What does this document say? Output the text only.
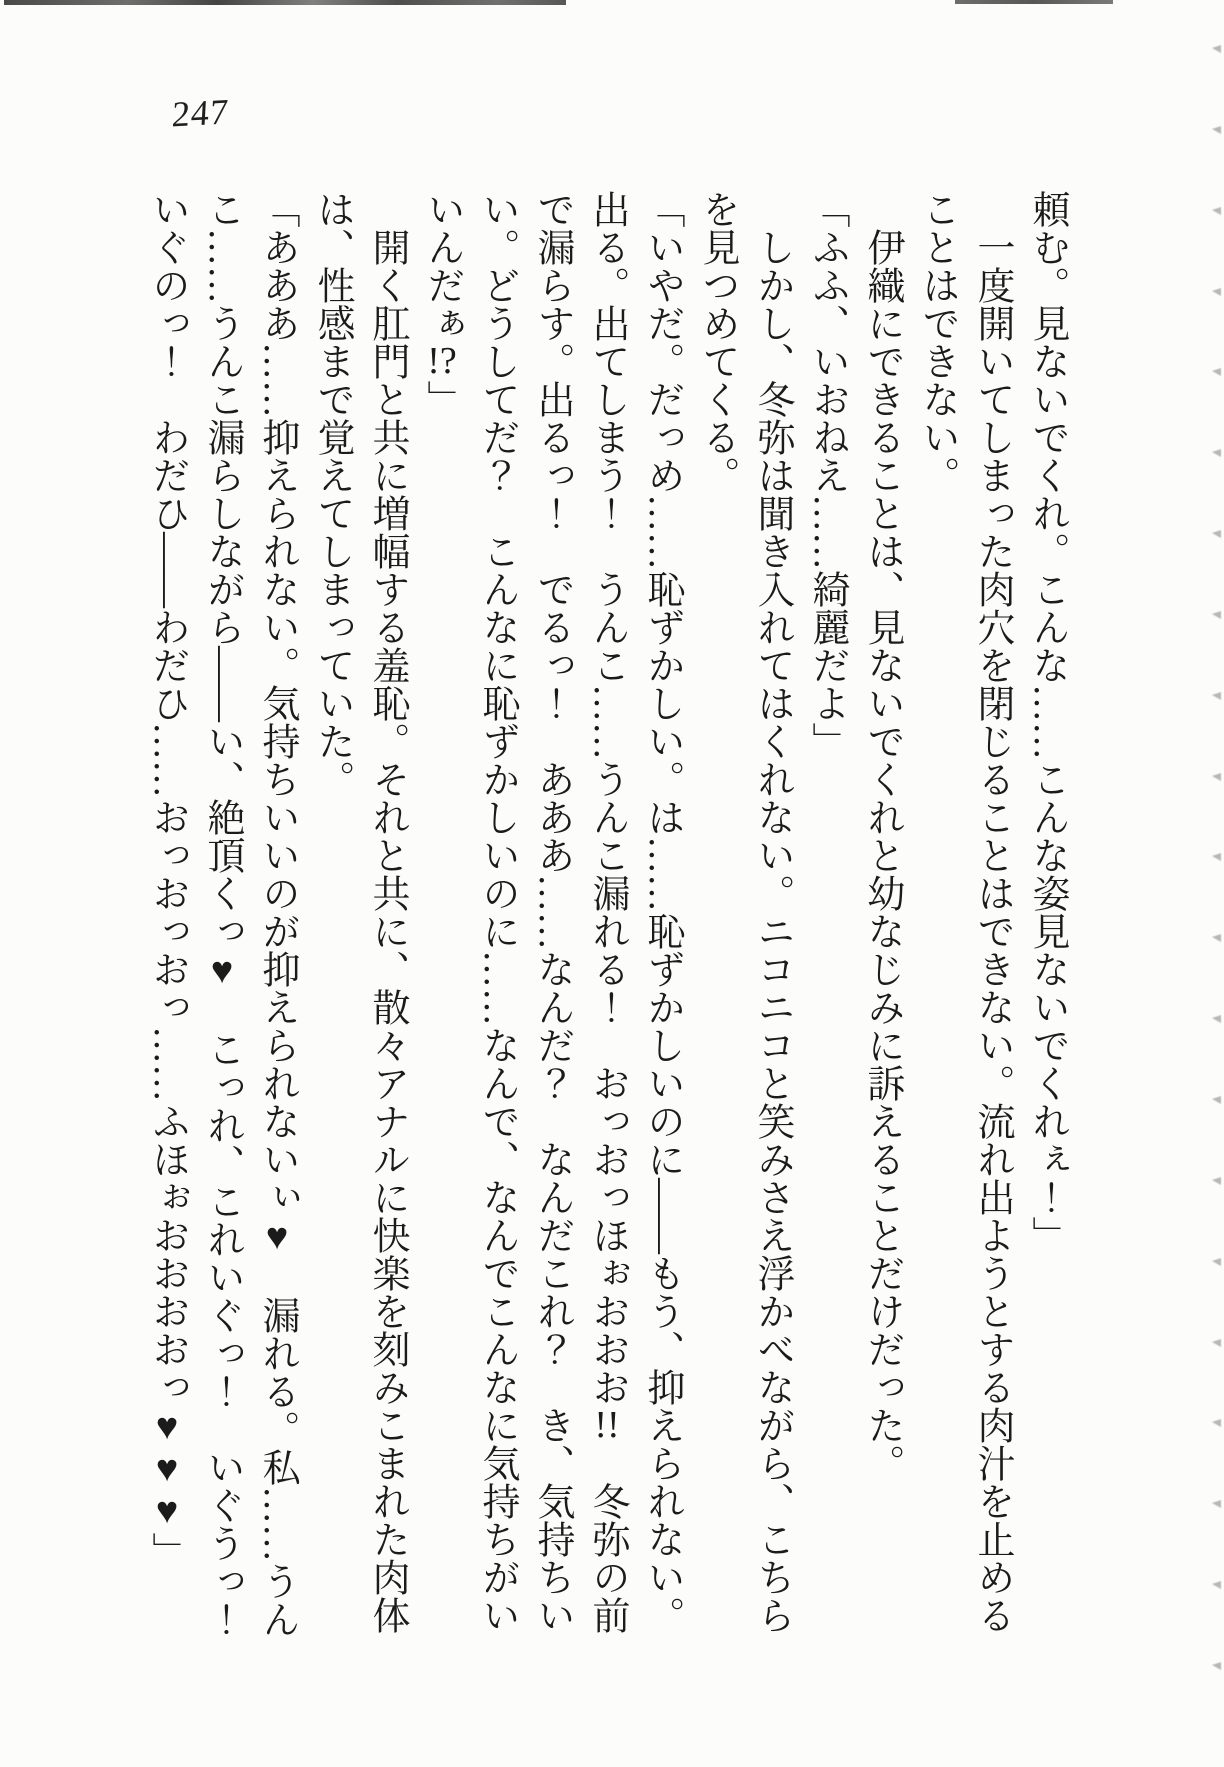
247

頼む。見ないでくれ。こんな……こんな姿見ないでくれぇ！」

一度開いてしまった肉穴を閉じることはできない。流れ出ようとする肉汁を止めることはできない。

伊織にできることは、見ないでくれと幼なじみに訴えることだけだった。

「ふふ、いおねえ……綺麗だよ」

しかし、冬弥は聞き入れてはくれない。ニコニコと笑みさえ浮かべながら、こちらを見つめてくる。

「いやだ。だっめ……恥ずかしい。は……恥ずかしいのに——もう、抑えられない。出る。出てしまう！　うんこ……うんこ漏れる！　おっおっほぉおおお!!　冬弥の前で漏らす。出るっ！　でるっ！　あああ……なんだ？　なんだこれ？　き、気持ちいい。どうしてだ？　こんなに恥ずかしいのに……なんで、なんでこんなに気持ちがいいんだぁ!?」

開く肛門と共に増幅する羞恥。それと共に、散々アナルに快楽を刻みこまれた肉体は、性感まで覚えてしまっていた。

「あああ……抑えられない。気持ちいいのが抑えられないぃ♥　漏れる。私……うんこ……うんこ漏らしながら——い、絶頂くっ♥　こっれ、これいぐっ！　いぐうっ！　いぐのっ！　わだひ——わだひ……おっおっおっ……ふほぉおおおおっ♥♥♥」
